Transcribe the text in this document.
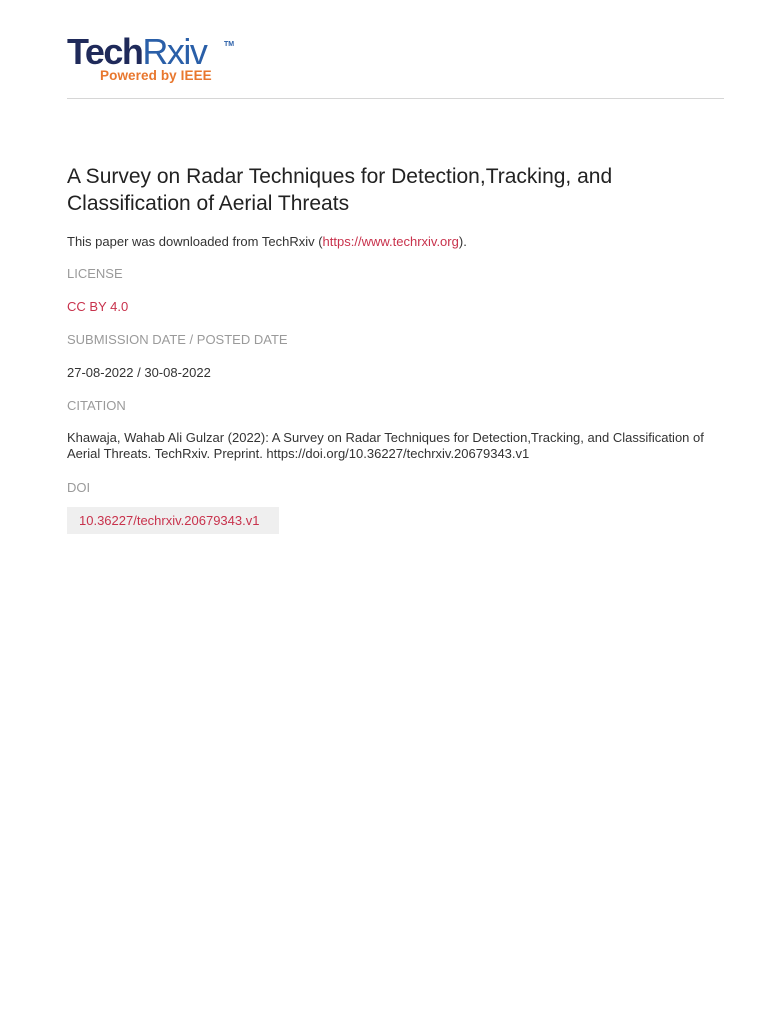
TechRxiv	TM
Powered by IEEE
A Survey on Radar Techniques for Detection,Tracking, and Classification of Aerial Threats
This paper was downloaded from TechRxiv (https://www.techrxiv.org).
LICENSE
CC BY 4.0
SUBMISSION DATE / POSTED DATE
27-08-2022 / 30-08-2022
CITATION
Khawaja, Wahab Ali Gulzar (2022): A Survey on Radar Techniques for Detection,Tracking, and Classification of Aerial Threats. TechRxiv. Preprint. https://doi.org/10.36227/techrxiv.20679343.v1
DOI
10.36227/techrxiv.20679343.v1
